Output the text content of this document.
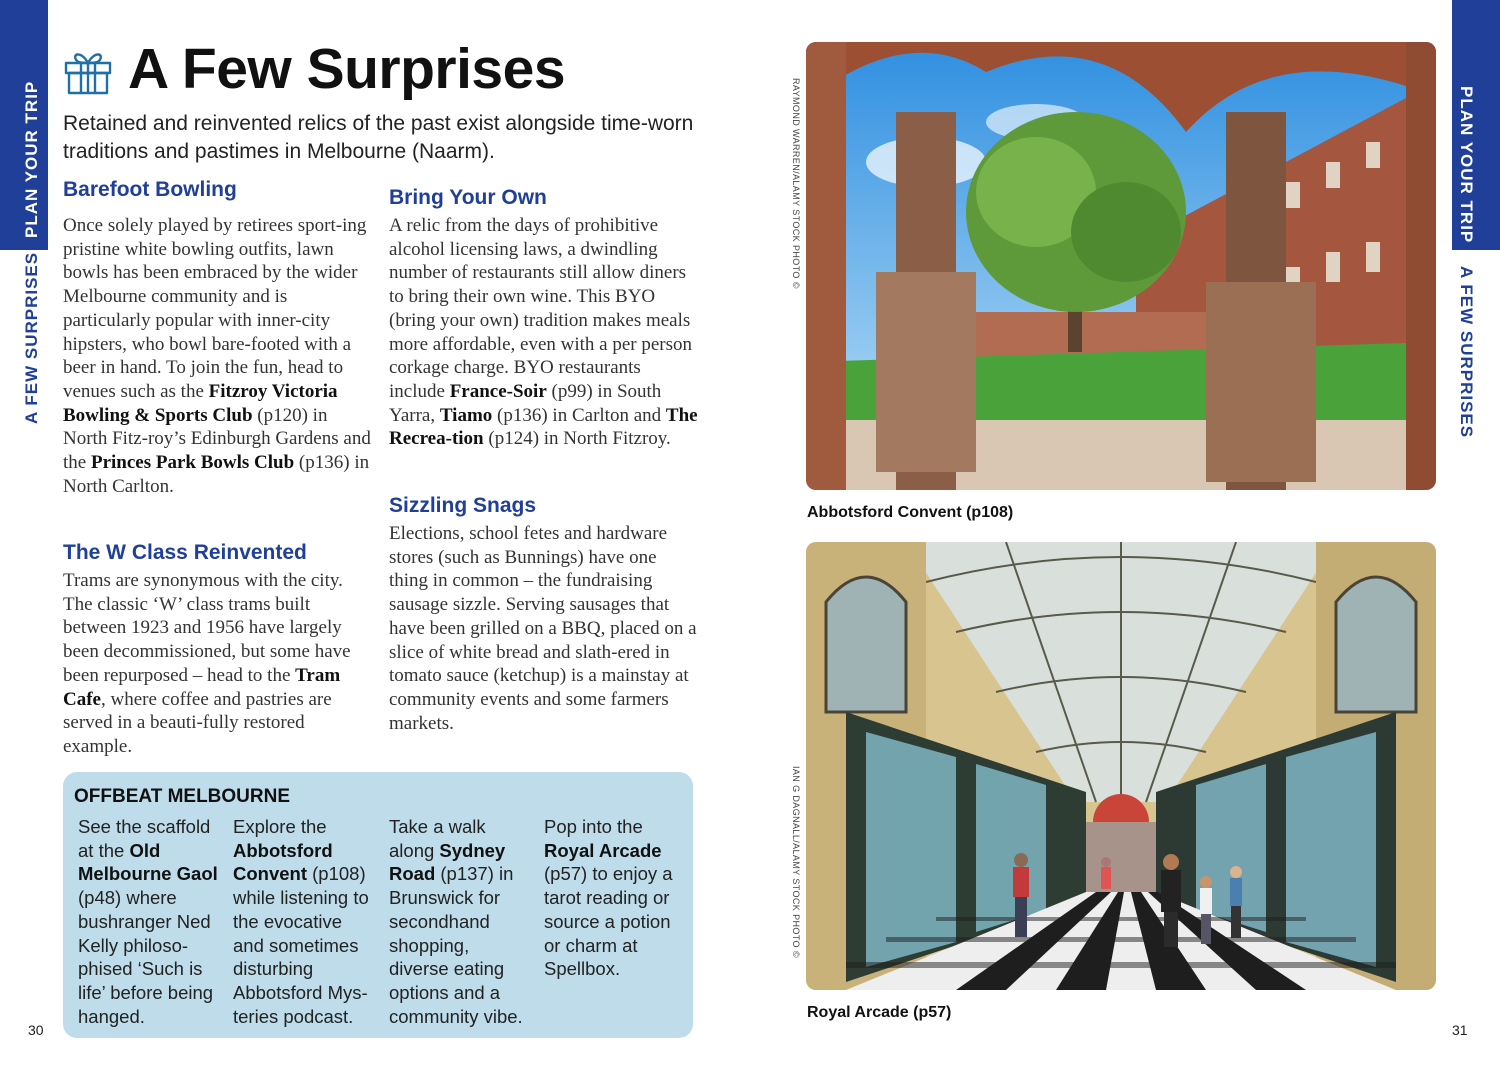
PLAN YOUR TRIP
A FEW SURPRISES
PLAN YOUR TRIP
A FEW SURPRISES
A Few Surprises
Retained and reinvented relics of the past exist alongside time-worn traditions and pastimes in Melbourne (Naarm).
Barefoot Bowling
Once solely played by retirees sport-ing pristine white bowling outfits, lawn bowls has been embraced by the wider Melbourne community and is particularly popular with inner-city hipsters, who bowl bare-footed with a beer in hand. To join the fun, head to venues such as the Fitzroy Victoria Bowling & Sports Club (p120) in North Fitz-roy’s Edinburgh Gardens and the Princes Park Bowls Club (p136) in North Carlton.
The W Class Reinvented
Trams are synonymous with the city. The classic ‘W’ class trams built between 1923 and 1956 have largely been decommissioned, but some have been repurposed – head to the Tram Cafe, where coffee and pastries are served in a beauti-fully restored example.
Bring Your Own
A relic from the days of prohibitive alcohol licensing laws, a dwindling number of restaurants still allow diners to bring their own wine. This BYO (bring your own) tradition makes meals more affordable, even with a per person corkage charge. BYO restaurants include France-Soir (p99) in South Yarra, Tiamo (p136) in Carlton and The Recrea-tion (p124) in North Fitzroy.
Sizzling Snags
Elections, school fetes and hardware stores (such as Bunnings) have one thing in common – the fundraising sausage sizzle. Serving sausages that have been grilled on a BBQ, placed on a slice of white bread and slath-ered in tomato sauce (ketchup) is a mainstay at community events and some farmers markets.
OFFBEAT MELBOURNE
See the scaffold at the Old Melbourne Gaol (p48) where bushranger Ned Kelly philoso-phised ‘Such is life’ before being hanged.
Explore the Abbotsford Convent (p108) while listening to the evocative and sometimes disturbing Abbotsford Mys-teries podcast.
Take a walk along Sydney Road (p137) in Brunswick for secondhand shopping, diverse eating options and a community vibe.
Pop into the Royal Arcade (p57) to enjoy a tarot reading or source a potion or charm at Spellbox.
RAYMOND WARREN/ALAMY STOCK PHOTO ©
Abbotsford Convent (p108)
IAN G DAGNALL/ALAMY STOCK PHOTO ©
Royal Arcade (p57)
30	31
